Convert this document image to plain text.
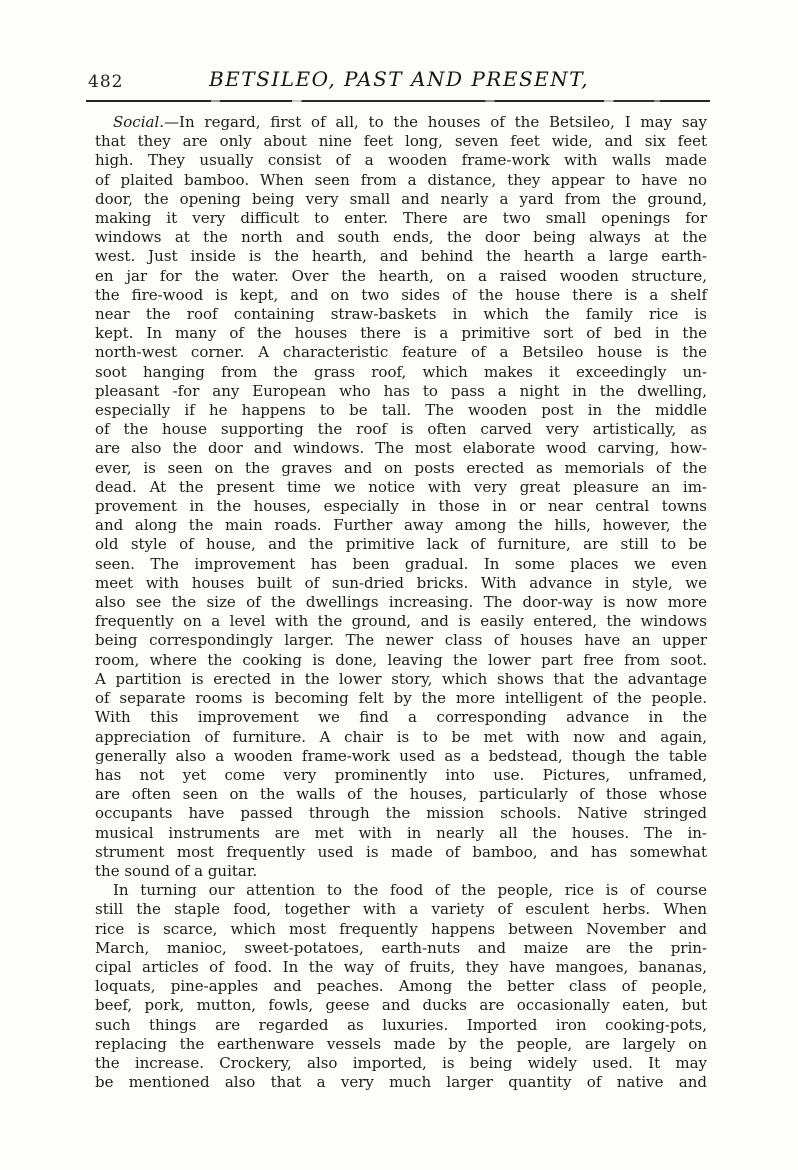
482	BETSILEO, PAST AND PRESENT,
Social.—In regard, first of all, to the houses of the Betsileo, I may say
that they are only about nine feet long, seven feet wide, and six feet
high. They usually consist of a wooden frame-work with walls made
of plaited bamboo. When seen from a distance, they appear to have no
door, the opening being very small and nearly a yard from the ground,
making it very difficult to enter. There are two small openings for
windows at the north and south ends, the door being always at the
west. Just inside is the hearth, and behind the hearth a large earth-
en jar for the water. Over the hearth, on a raised wooden structure,
the fire-wood is kept, and on two sides of the house there is a shelf
near the roof containing straw-baskets in which the family rice is
kept. In many of the houses there is a primitive sort of bed in the
north-west corner. A characteristic feature of a Betsileo house is the
soot hanging from the grass roof, which makes it exceedingly un-
pleasant -for any European who has to pass a night in the dwelling,
especially if he happens to be tall. The wooden post in the middle
of the house supporting the roof is often carved very artistically, as
are also the door and windows. The most elaborate wood carving, how-
ever, is seen on the graves and on posts erected as memorials of the
dead. At the present time we notice with very great pleasure an im-
provement in the houses, especially in those in or near central towns
and along the main roads. Further away among the hills, however, the
old style of house, and the primitive lack of furniture, are still to be
seen. The improvement has been gradual. In some places we even
meet with houses built of sun-dried bricks. With advance in style, we
also see the size of the dwellings increasing. The door-way is now more
frequently on a level with the ground, and is easily entered, the windows
being correspondingly larger. The newer class of houses have an upper
room, where the cooking is done, leaving the lower part free from soot.
A partition is erected in the lower story, which shows that the advantage
of separate rooms is becoming felt by the more intelligent of the people.
With this improvement we find a corresponding advance in the
appreciation of furniture. A chair is to be met with now and again,
generally also a wooden frame-work used as a bedstead, though the table
has not yet come very prominently into use. Pictures, unframed,
are often seen on the walls of the houses, particularly of those whose
occupants have passed through the mission schools. Native stringed
musical instruments are met with in nearly all the houses. The in-
strument most frequently used is made of bamboo, and has somewhat
the sound of a guitar.
In turning our attention to the food of the people, rice is of course
still the staple food, together with a variety of esculent herbs. When
rice is scarce, which most frequently happens between November and
March, manioc, sweet-potatoes, earth-nuts and maize are the prin-
cipal articles of food. In the way of fruits, they have mangoes, bananas,
loquats, pine-apples and peaches. Among the better class of people,
beef, pork, mutton, fowls, geese and ducks are occasionally eaten, but
such things are regarded as luxuries. Imported iron cooking-pots,
replacing the earthenware vessels made by the people, are largely on
the increase. Crockery, also imported, is being widely used. It may
be mentioned also that a very much larger quantity of native and
